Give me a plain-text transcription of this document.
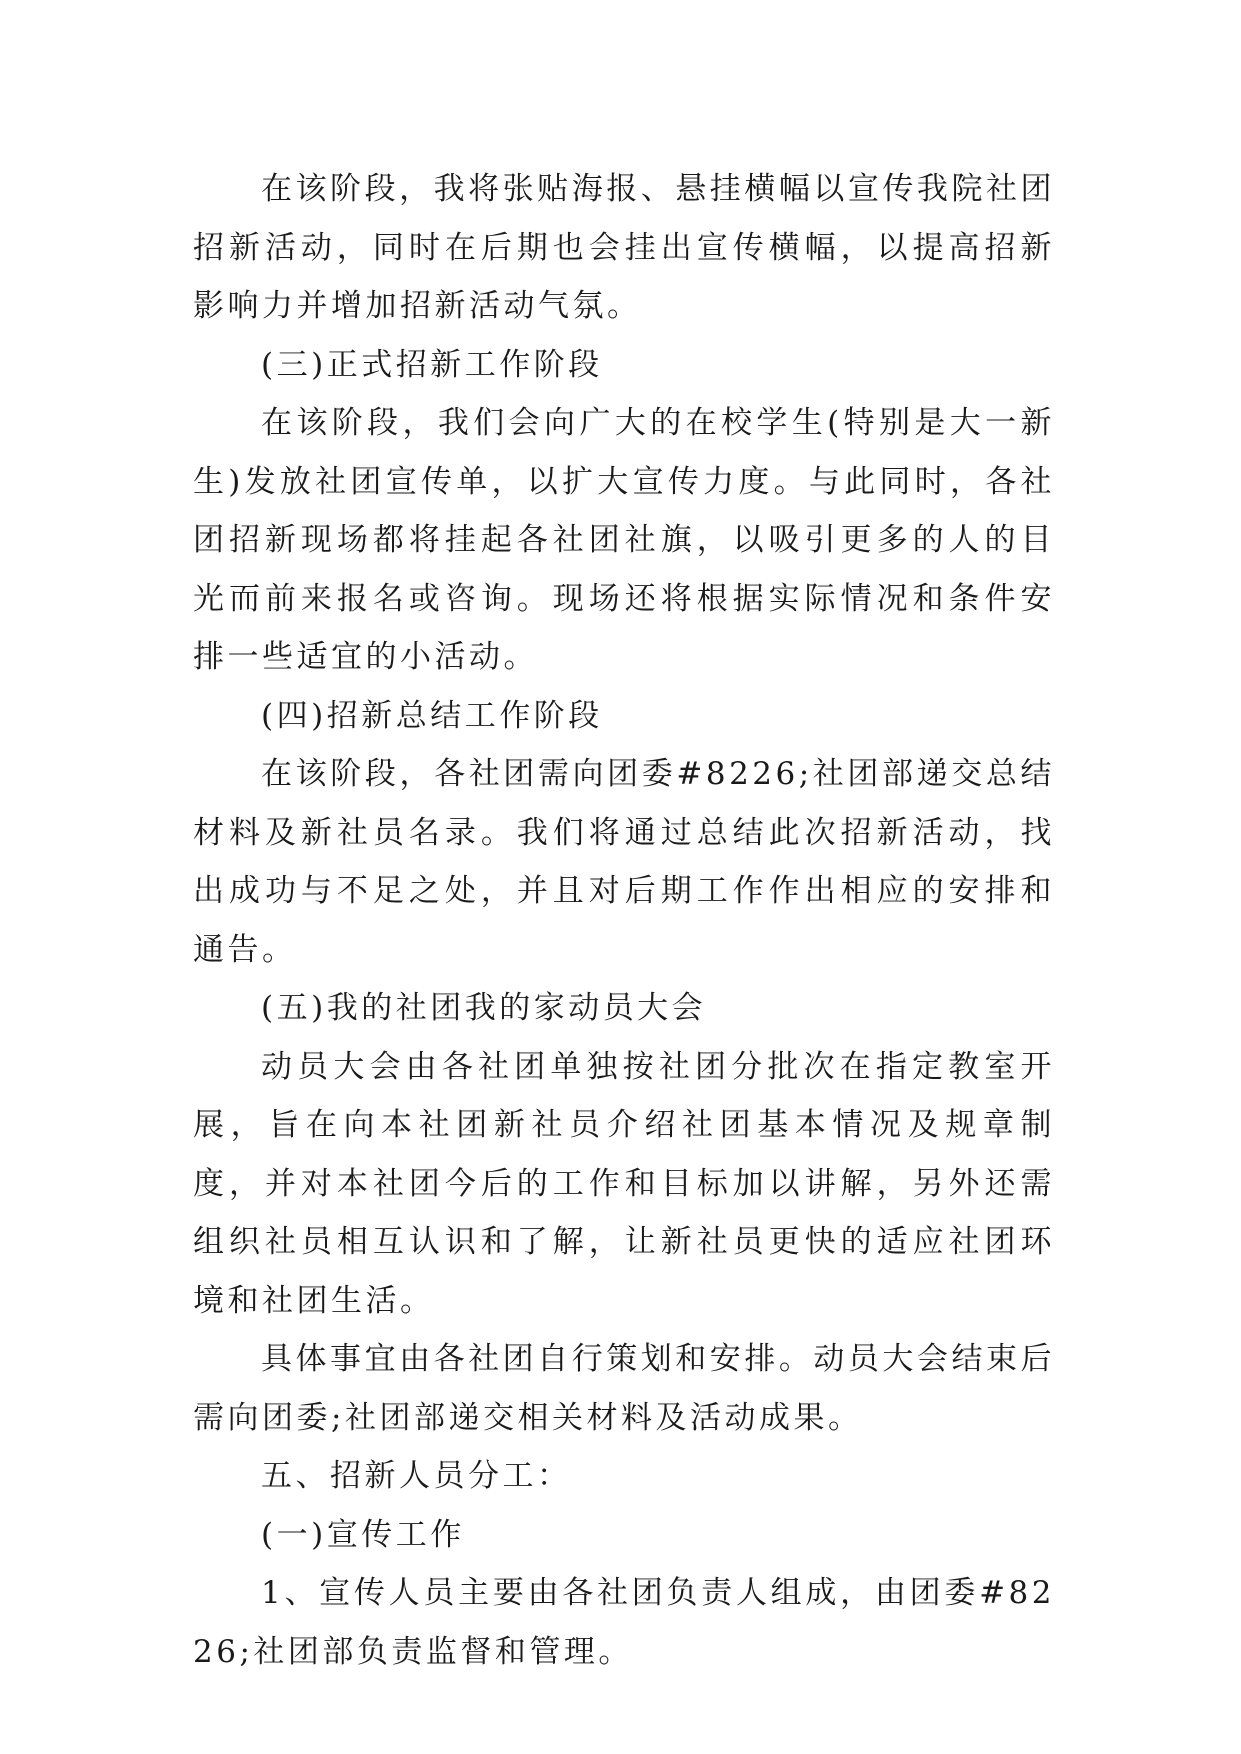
在该阶段，我将张贴海报、悬挂横幅以宣传我院社团招新活动，同时在后期也会挂出宣传横幅，以提高招新影响力并增加招新活动气氛。

(三)正式招新工作阶段

在该阶段，我们会向广大的在校学生(特别是大一新生)发放社团宣传单，以扩大宣传力度。与此同时，各社团招新现场都将挂起各社团社旗，以吸引更多的人的目光而前来报名或咨询。现场还将根据实际情况和条件安排一些适宜的小活动。

(四)招新总结工作阶段

在该阶段，各社团需向团委#8226;社团部递交总结材料及新社员名录。我们将通过总结此次招新活动，找出成功与不足之处，并且对后期工作作出相应的安排和通告。

(五)我的社团我的家动员大会

动员大会由各社团单独按社团分批次在指定教室开展，旨在向本社团新社员介绍社团基本情况及规章制度，并对本社团今后的工作和目标加以讲解，另外还需组织社员相互认识和了解，让新社员更快的适应社团环境和社团生活。

具体事宜由各社团自行策划和安排。动员大会结束后需向团委;社团部递交相关材料及活动成果。

五、招新人员分工：

(一)宣传工作

1、宣传人员主要由各社团负责人组成，由团委#8226;社团部负责监督和管理。
